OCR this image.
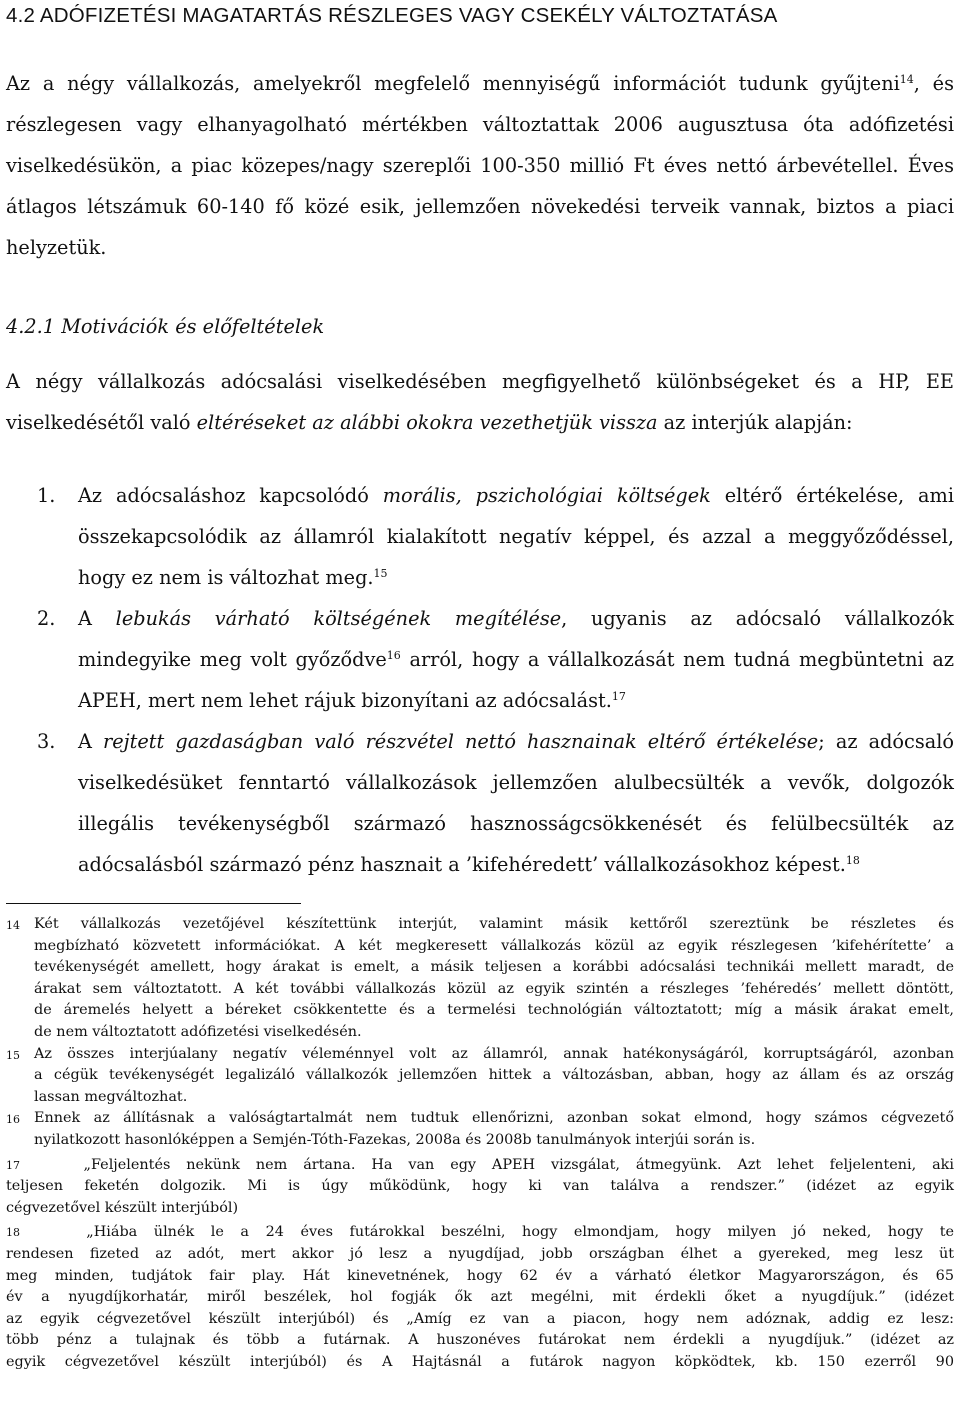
4.2 ADÓFIZETÉSI MAGATARTÁS RÉSZLEGES VAGY CSEKÉLY VÁLTOZTATÁSA
Az a négy vállalkozás, amelyekről megfelelő mennyiségű információt tudunk gyűjteni$^{14}$, és
részlegesen vagy elhanyagolható mértékben változtattak 2006 augusztusa óta adófizetési
viselkedésükön, a piac közepes/nagy szereplői 100-350 millió Ft éves nettó árbevétellel. Éves
átlagos létszámuk 60-140 fő közé esik, jellemzően növekedési terveik vannak, biztos a piaci
helyzetük.
4.2.1 Motivációk és előfeltételek
A négy vállalkozás adócsalási viselkedésében megfigyelhető különbségeket és a HP, EE
viselkedésétől való eltéréseket az alábbi okokra vezethetjük vissza az interjúk alapján:
1. Az adócsaláshoz kapcsolódó morális, pszichológiai költségek eltérő értékelése, ami
összekapcsolódik az államról kialakított negatív képpel, és azzal a meggyőződéssel,
hogy ez nem is változhat meg.$^{15}$
2. A lebukás várható költségének megítélése, ugyanis az adócsaló vállalkozók
mindegyike meg volt győződve$^{16}$ arról, hogy a vállalkozását nem tudná megbüntetni az
APEH, mert nem lehet rájuk bizonyítani az adócsalást.$^{17}$
3. A rejtett gazdaságban való részvétel nettó hasznainak eltérő értékelése; az adócsaló
viselkedésüket fenntartó vállalkozások jellemzően alulbecsülték a vevők, dolgozók
illegális tevékenységből származó hasznosságcsökkenését és felülbecsülték az
adócsalásból származó pénz hasznait a ’kifehéredett’ vállalkozásokhoz képest.$^{18}$
14 Két vállalkozás vezetőjével készítettünk interjút, valamint másik kettőről szereztünk be részletes és
megbízható közvetett információkat. A két megkeresett vállalkozás közül az egyik részlegesen ’kifehérítette’ a
tevékenységét amellett, hogy árakat is emelt, a másik teljesen a korábbi adócsalási technikái mellett maradt, de
árakat sem változtatott. A két további vállalkozás közül az egyik szintén a részleges ’fehéredés’ mellett döntött,
de áremelés helyett a béreket csökkentette és a termelési technológián változtatott; míg a másik árakat emelt,
de nem változtatott adófizetési viselkedésén.
15 Az összes interjúalany negatív véleménnyel volt az államról, annak hatékonyságáról, korruptságáról, azonban
a cégük tevékenységét legalizáló vállalkozók jellemzően hittek a változásban, abban, hogy az állam és az ország
lassan megváltozhat.
16 Ennek az állításnak a valóságtartalmát nem tudtuk ellenőrizni, azonban sokat elmond, hogy számos cégvezető
nyilatkozott hasonlóképpen a Semjén-Tóth-Fazekas, 2008a és 2008b tanulmányok interjúi során is.
17	„Feljelentés nekünk nem ártana. Ha van egy APEH vizsgálat, átmegyünk. Azt lehet feljelenteni, aki
teljesen feketén dolgozik. Mi is úgy működünk, hogy ki van találva a rendszer.” (idézet az egyik
cégvezetővel készült interjúból)
18	„Hiába ülnék le a 24 éves futárokkal beszélni, hogy elmondjam, hogy milyen jó neked, hogy te
rendesen fizeted az adót, mert akkor jó lesz a nyugdíjad, jobb országban élhet a gyereked, meg lesz üt
meg minden, tudjátok fair play. Hát kinevetnének, hogy 62 év a várható életkor Magyarországon, és 65
év a nyugdíjkorhatár, miről beszélek, hol fogják ők azt megélni, mit érdekli őket a nyugdíjuk.” (idézet
az egyik cégvezetővel készült interjúból) és „Amíg ez van a piacon, hogy nem adóznak, addig ez lesz:
több pénz a tulajnak és több a futárnak. A huszonéves futárokat nem érdekli a nyugdíjuk.” (idézet az
egyik cégvezetővel készült interjúból) és A Hajtásnál a futárok nagyon köpködtek, kb. 150 ezerről 90
